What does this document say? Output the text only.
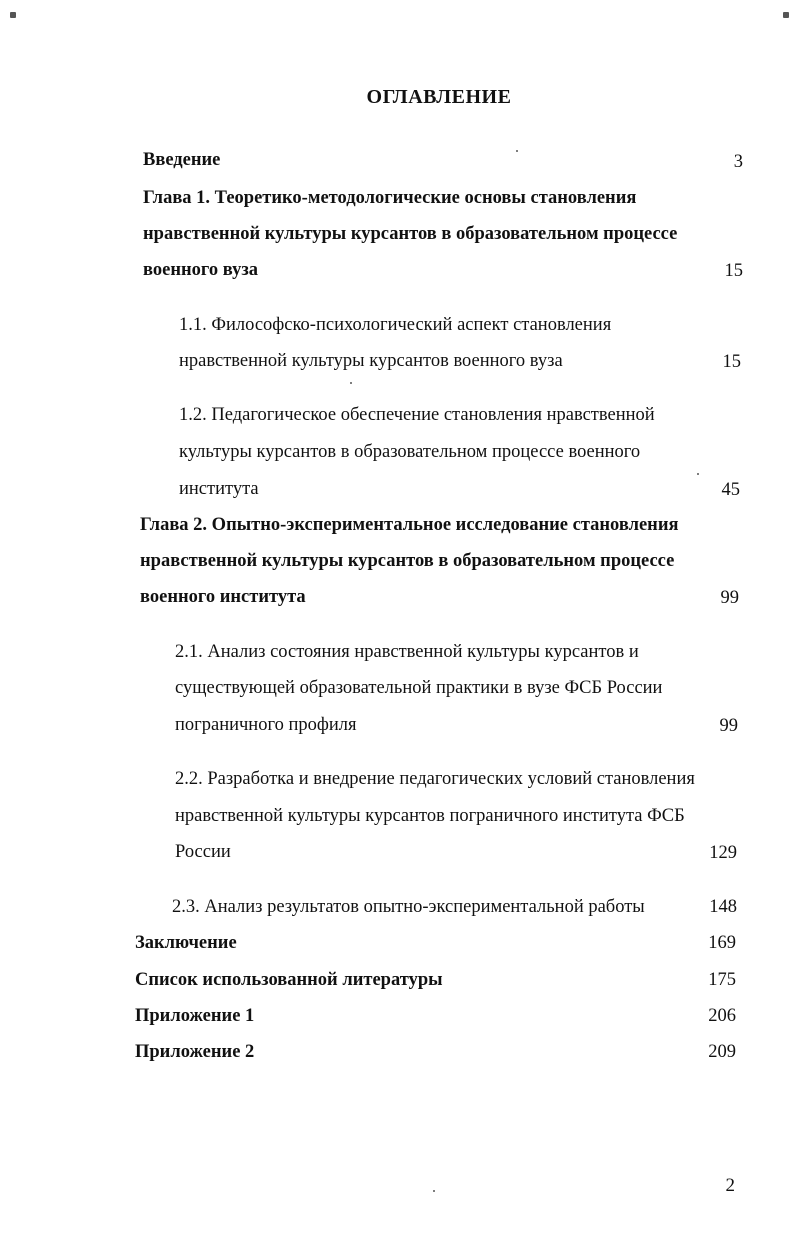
ОГЛАВЛЕНИЕ
Введение	3
Глава 1. Теоретико-методологические основы становления
нравственной культуры курсантов в образовательном процессе
военного вуза	15
1.1. Философско-психологический аспект становления
нравственной культуры курсантов военного вуза	15
1.2. Педагогическое обеспечение становления нравственной
культуры курсантов в образовательном процессе военного
института	45
Глава 2. Опытно-экспериментальное исследование становления
нравственной культуры курсантов в образовательном процессе
военного института	99
2.1. Анализ состояния нравственной культуры курсантов и
существующей образовательной практики в вузе ФСБ России
пограничного профиля	99
2.2. Разработка и внедрение педагогических условий становления
нравственной культуры курсантов пограничного института ФСБ
России	129
2.3. Анализ результатов опытно-экспериментальной работы	148
Заключение	169
Список использованной литературы	175
Приложение 1	206
Приложение 2	209
2
